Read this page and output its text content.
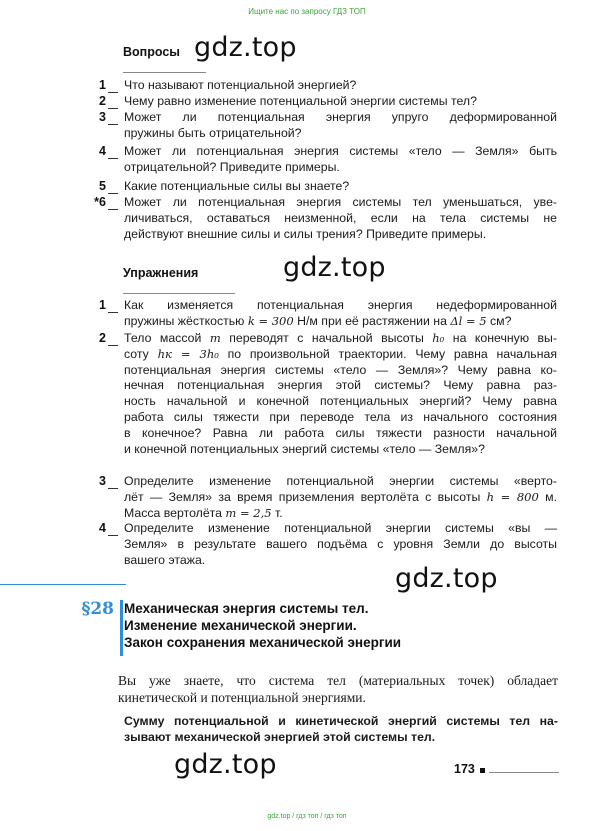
Ищите нас по запросу ГДЗ ТОП
Вопросы gdz.top
1 Что называют потенциальной энергией?
2 Чему равно изменение потенциальной энергии системы тел?
3 Может ли потенциальная энергия упруго деформированной
пружины быть отрицательной?
4 Может ли потенциальная энергия системы «тело — Земля» быть
отрицательной? Приведите примеры.
5 Какие потенциальные силы вы знаете?
*6 Может ли потенциальная энергия системы тел уменьшаться, уве-
личиваться, оставаться неизменной, если на тела системы не
действуют внешние силы и силы трения? Приведите примеры.
Упражнения	gdz.top
1 Как изменяется потенциальная энергия недеформированной
пружины жёсткостью k = 300 Н/м при её растяжении на Δl = 5 см?
2 Тело массой m переводят с начальной высоты h₀ на конечную вы-
соту hк = 3h₀ по произвольной траектории. Чему равна начальная
потенциальная энергия системы «тело — Земля»? Чему равна ко-
нечная потенциальная энергия этой системы? Чему равна раз-
ность начальной и конечной потенциальных энергий? Чему равна
работа силы тяжести при переводе тела из начального состояния
в конечное? Равна ли работа силы тяжести разности начальной
и конечной потенциальных энергий системы «тело — Земля»?
3 Определите изменение потенциальной энергии системы «верто-
лёт — Земля» за время приземления вертолёта с высоты h = 800 м.
Масса вертолёта m = 2,5 т.
4 Определите изменение потенциальной энергии системы «вы —
Земля» в результате вашего подъёма с уровня Земли до высоты
вашего этажа.
gdz.top
§28 Механическая энергия системы тел.
Изменение механической энергии.
Закон сохранения механической энергии
Вы уже знаете, что система тел (материальных точек) обладает
кинетической и потенциальной энергиями.
Сумму потенциальной и кинетической энергий системы тел на-
зывают механической энергией этой системы тел.
gdz.top	173
gdz.top / гдз топ / гдз топ
